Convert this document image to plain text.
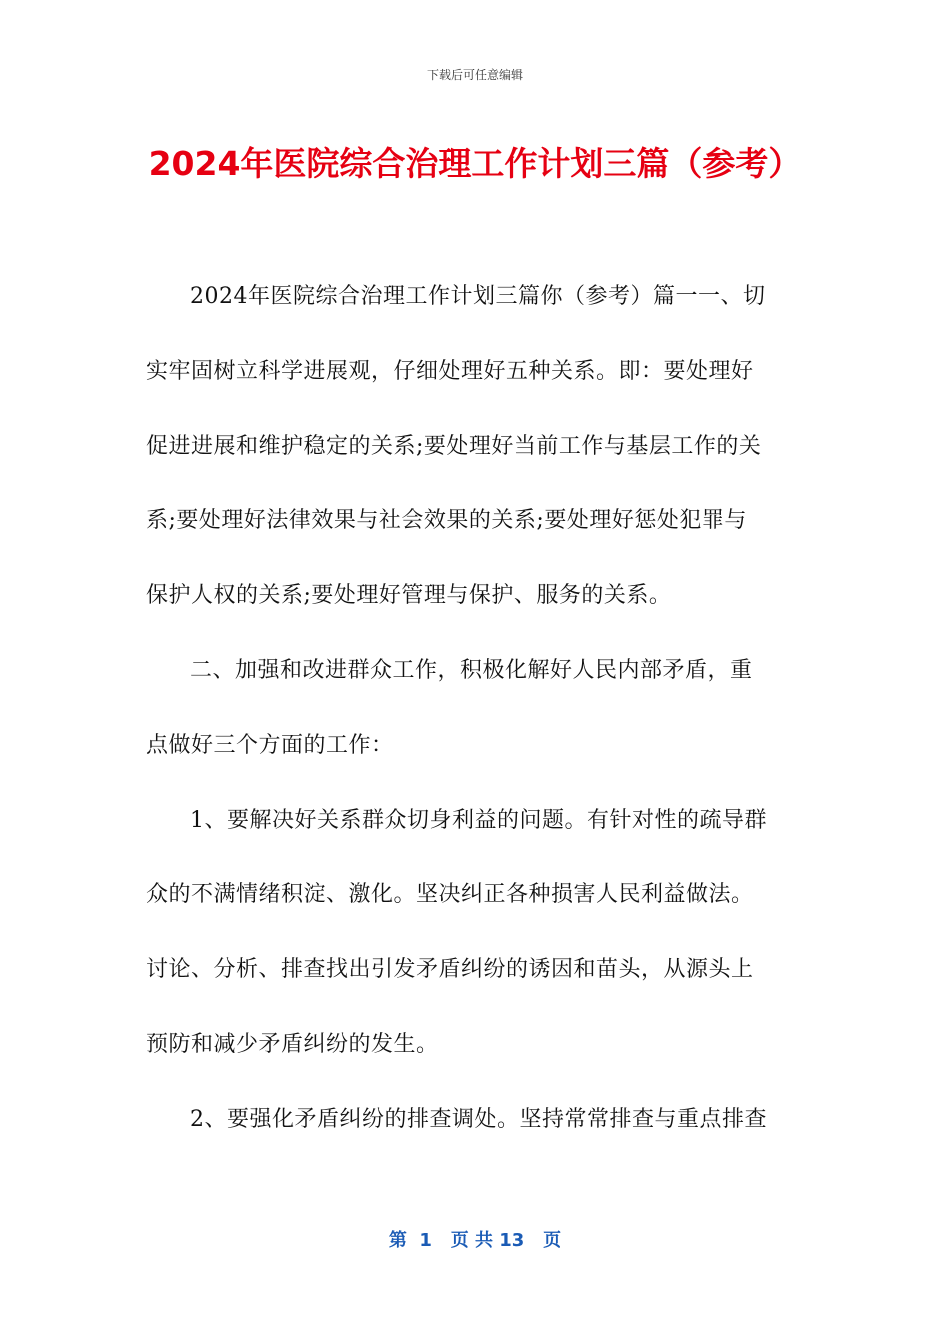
下载后可任意编辑
2024年医院综合治理工作计划三篇（参考）
2024年医院综合治理工作计划三篇你（参考）篇一一、切
实牢固树立科学进展观，仔细处理好五种关系。即：要处理好
促进进展和维护稳定的关系;要处理好当前工作与基层工作的关
系;要处理好法律效果与社会效果的关系;要处理好惩处犯罪与
保护人权的关系;要处理好管理与保护、服务的关系。
二、加强和改进群众工作，积极化解好人民内部矛盾，重
点做好三个方面的工作：
1、要解决好关系群众切身利益的问题。有针对性的疏导群
众的不满情绪积淀、激化。坚决纠正各种损害人民利益做法。
讨论、分析、排查找出引发矛盾纠纷的诱因和苗头，从源头上
预防和减少矛盾纠纷的发生。
2、要强化矛盾纠纷的排查调处。坚持常常排查与重点排查
第  1   页 共 13   页
